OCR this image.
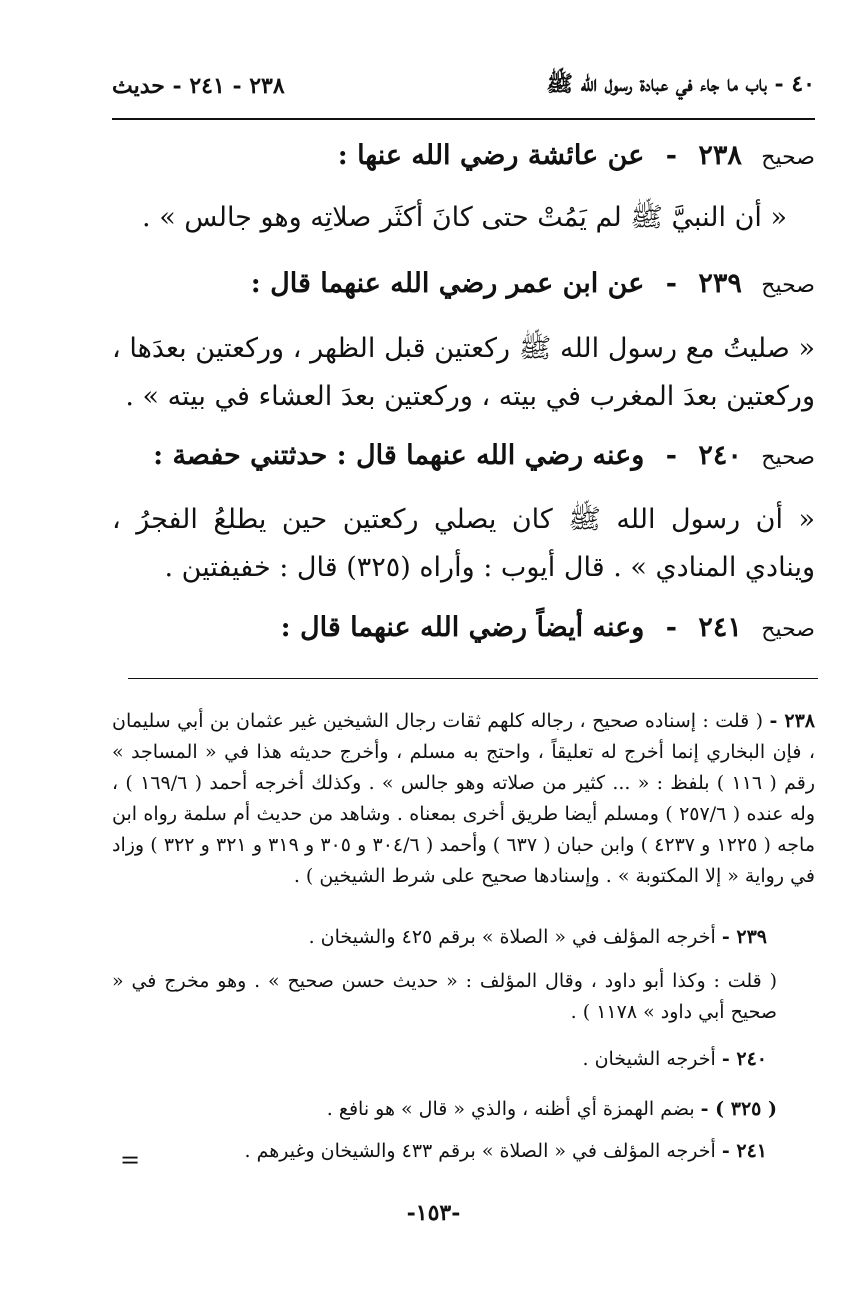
٤٠ - باب ما جاء في عبادة رسول الله ﷺ
٢٣٨ - ٢٤١ - حديث
صحيح ٢٣٨ - عن عائشة رضي الله عنها :
« أن النبيَّ ﷺ لم يَمُتْ حتى كانَ أكثَر صلاتِه وهو جالس » .
صحيح ٢٣٩ - عن ابن عمر رضي الله عنهما قال :
« صليتُ مع رسول الله ﷺ ركعتين قبل الظهر ، وركعتين بعدَها ، وركعتين بعدَ المغرب في بيته ، وركعتين بعدَ العشاء في بيته » .
صحيح ٢٤٠ - وعنه رضي الله عنهما قال : حدثتني حفصة :
« أن رسول الله ﷺ كان يصلي ركعتين حين يطلعُ الفجرُ ، وينادي المنادي » . قال أيوب : وأراه (٣٢٥) قال : خفيفتين .
صحيح ٢٤١ - وعنه أيضاً رضي الله عنهما قال :
٢٣٨ - ( قلت : إسناده صحيح ، رجاله كلهم ثقات رجال الشيخين غير عثمان بن أبي سليمان ، فإن البخاري إنما أخرج له تعليقاً ، واحتج به مسلم ، وأخرج حديثه هذا في « المساجد » رقم ( ١١٦ ) بلفظ : « ... كثير من صلاته وهو جالس » . وكذلك أخرجه أحمد ( ١٦٩/٦ ) ، وله عنده ( ٢٥٧/٦ ) ومسلم أيضا طريق أخرى بمعناه . وشاهد من حديث أم سلمة رواه ابن ماجه ( ١٢٢٥ و ٤٢٣٧ ) وابن حبان ( ٦٣٧ ) وأحمد ( ٣٠٤/٦ و ٣٠٥ و ٣١٩ و ٣٢١ و ٣٢٢ ) وزاد في رواية « إلا المكتوبة » . وإسنادها صحيح على شرط الشيخين ) .
٢٣٩ - أخرجه المؤلف في « الصلاة » برقم ٤٢٥ والشيخان .
( قلت : وكذا أبو داود ، وقال المؤلف : « حديث حسن صحيح » . وهو مخرج في « صحيح أبي داود » ١١٧٨ ) .
٢٤٠ - أخرجه الشيخان .
( ٣٢٥ ) - بضم الهمزة أي أظنه ، والذي « قال » هو نافع .
٢٤١ - أخرجه المؤلف في « الصلاة » برقم ٤٣٣ والشيخان وغيرهم .
=
-١٥٣-
